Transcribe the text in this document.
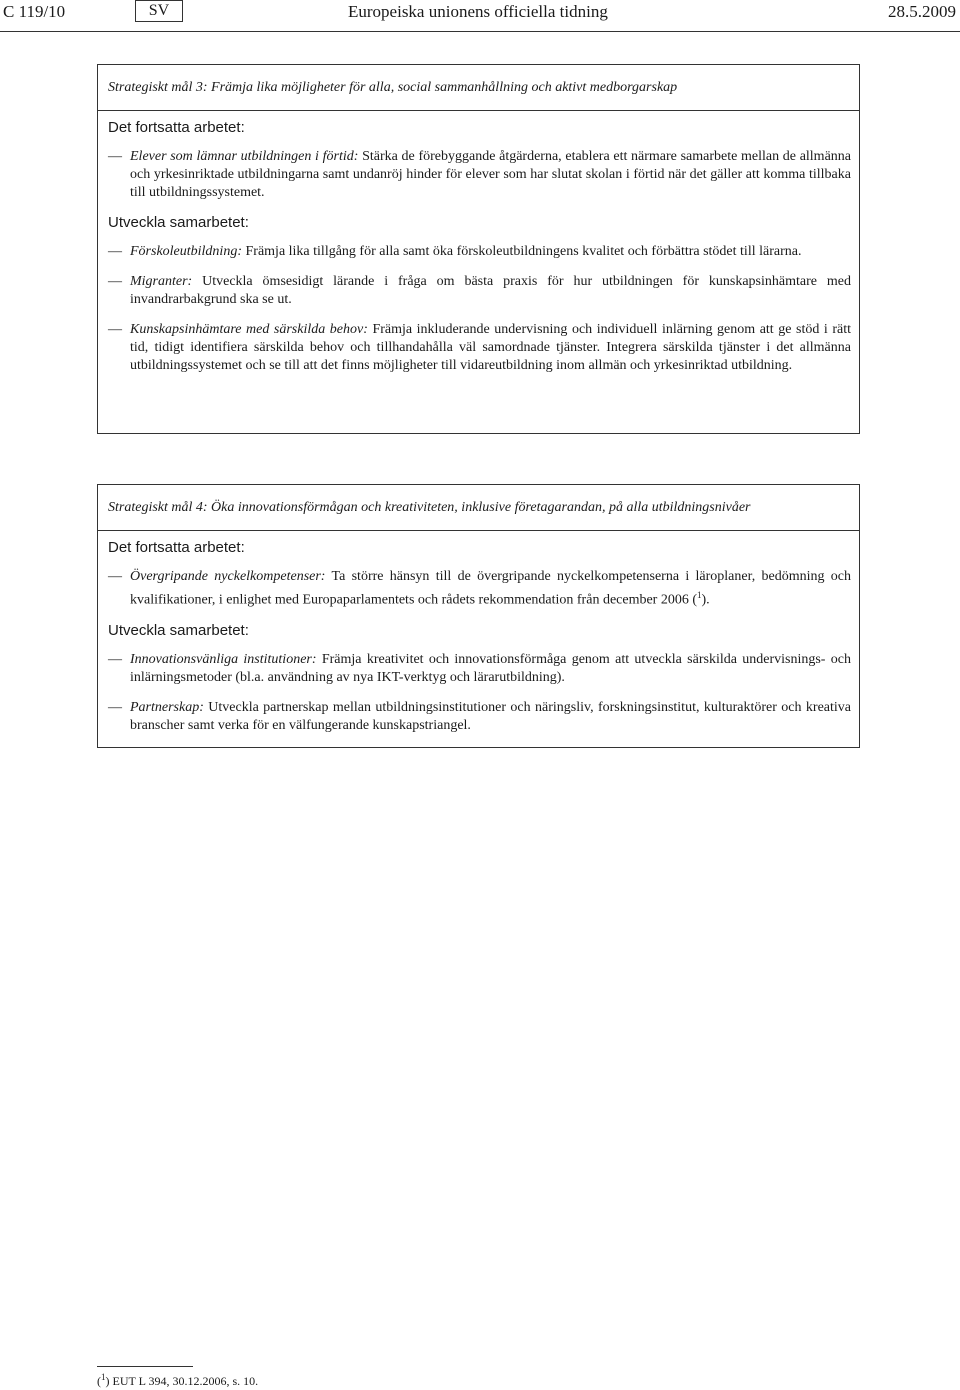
C 119/10	SV	Europeiska unionens officiella tidning	28.5.2009
Strategiskt mål 3: Främja lika möjligheter för alla, social sammanhållning och aktivt medborgarskap
Det fortsatta arbetet:
— Elever som lämnar utbildningen i förtid: Stärka de förebyggande åtgärderna, etablera ett närmare samarbete mellan de allmänna och yrkesinriktade utbildningarna samt undanröj hinder för elever som har slutat skolan i förtid när det gäller att komma tillbaka till utbildningssystemet.
Utveckla samarbetet:
— Förskoleutbildning: Främja lika tillgång för alla samt öka förskoleutbildningens kvalitet och förbättra stödet till lärarna.
— Migranter: Utveckla ömsesidigt lärande i fråga om bästa praxis för hur utbildningen för kunskapsinhämtare med invandrarbakgrund ska se ut.
— Kunskapsinhämtare med särskilda behov: Främja inkluderande undervisning och individuell inlärning genom att ge stöd i rätt tid, tidigt identifiera särskilda behov och tillhandahålla väl samordnade tjänster. Integrera särskilda tjänster i det allmänna utbildningssystemet och se till att det finns möjligheter till vidareutbildning inom allmän och yrkesinriktad utbildning.
Strategiskt mål 4: Öka innovationsförmågan och kreativiteten, inklusive företagarandan, på alla utbildningsnivåer
Det fortsatta arbetet:
— Övergripande nyckelkompetenser: Ta större hänsyn till de övergripande nyckelkompetenserna i läroplaner, bedömning och kvalifikationer, i enlighet med Europaparlamentets och rådets rekommendation från december 2006 ($^1$).
Utveckla samarbetet:
— Innovationsvänliga institutioner: Främja kreativitet och innovationsförmåga genom att utveckla särskilda undervisnings- och inlärningsmetoder (bl.a. användning av nya IKT-verktyg och lärarutbildning).
— Partnerskap: Utveckla partnerskap mellan utbildningsinstitutioner och näringsliv, forskningsinstitut, kulturaktörer och kreativa branscher samt verka för en välfungerande kunskapstriangel.
($^1$) EUT L 394, 30.12.2006, s. 10.
